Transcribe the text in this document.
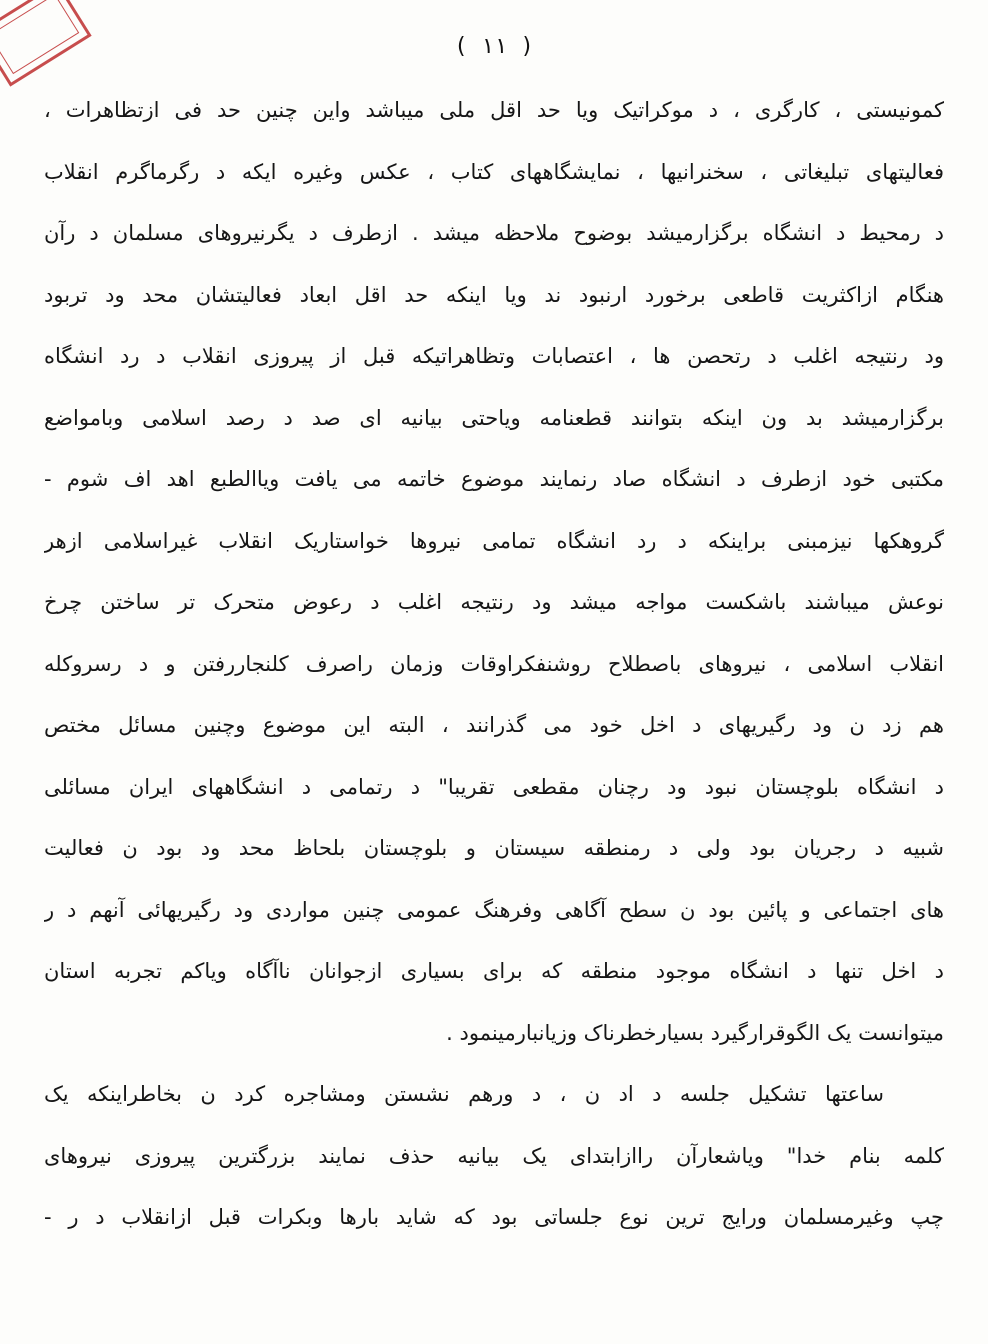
( ١١ )
کمونیستی ، کارگری ، د موکراتیک ویا حد اقل ملی میباشد واین چنین حد فی ازتظاهرات ،
فعالیتهای تبلیغاتی ، سخنرانیها ، نمایشگاههای کتاب ، عکس وغیره ایکه د رگرماگرم انقلاب
د رمحیط د انشگاه برگزارمیشد بوضوح ملاحظه میشد . ازطرف د یگرنیروهای مسلمان د رآن
هنگام ازاکثریت قاطعی برخورد ارنبود ند ویا اینکه حد اقل ابعاد فعالیتشان محد ود تربود
ود رنتیجه اغلب د رتحصن ها ، اعتصابات وتظاهراتیکه قبل از پیروزی انقلاب د رد انشگاه
برگزارمیشد بد ون اینکه بتوانند قطعنامه ویاحتی بیانیه ای صد د رصد اسلامی وبامواضع
مکتبی خود ازطرف د انشگاه صاد رنمایند موضوع خاتمه می یافت ویاالطبع اهد اف شوم -
گروهکها نیزمبنی براینکه د رد انشگاه تمامی نیروها خواستاریک انقلاب غیراسلامی ازهر
نوعش میباشند باشکست مواجه میشد ود رنتیجه اغلب د رعوض متحرک تر ساختن چرخ
انقلاب اسلامی ، نیروهای باصطلاح روشنفکراوقات وزمان راصرف کلنجاررفتن و د رسروکله
هم زد ن ود رگیریهای د اخل خود می گذرانند ، البته این موضوع وچنین مسائل مختص
د انشگاه بلوچستان نبود ود رچنان مقطعی تقریبا" د رتمامی د انشگاههای ایران مسائلی
شبیه د رجریان بود ولی د رمنطقه سیستان و بلوچستان بلحاظ محد ود بود ن فعالیت
های اجتماعی و پائین بود ن سطح آگاهی وفرهنگ عمومی چنین مواردی ود رگیریهائی آنهم د ر
د اخل تنها د انشگاه موجود منطقه که برای بسیاری ازجوانان ناآگاه ویاکم تجربه استان
میتوانست یک الگوقرارگیرد بسیارخطرناک وزیانبارمینمود .
ساعتها تشکیل جلسه د اد ن ، د ورهم نشستن ومشاجره کرد ن بخاطراینکه یک
کلمه بنام خدا" ویاشعارآن راازابتدای یک بیانیه حذف نمایند بزرگترین پیروزی نیروهای
چپ وغیرمسلمان ورایج ترین نوع جلساتی بود که شاید بارها وبکرات قبل ازانقلاب د ر -
